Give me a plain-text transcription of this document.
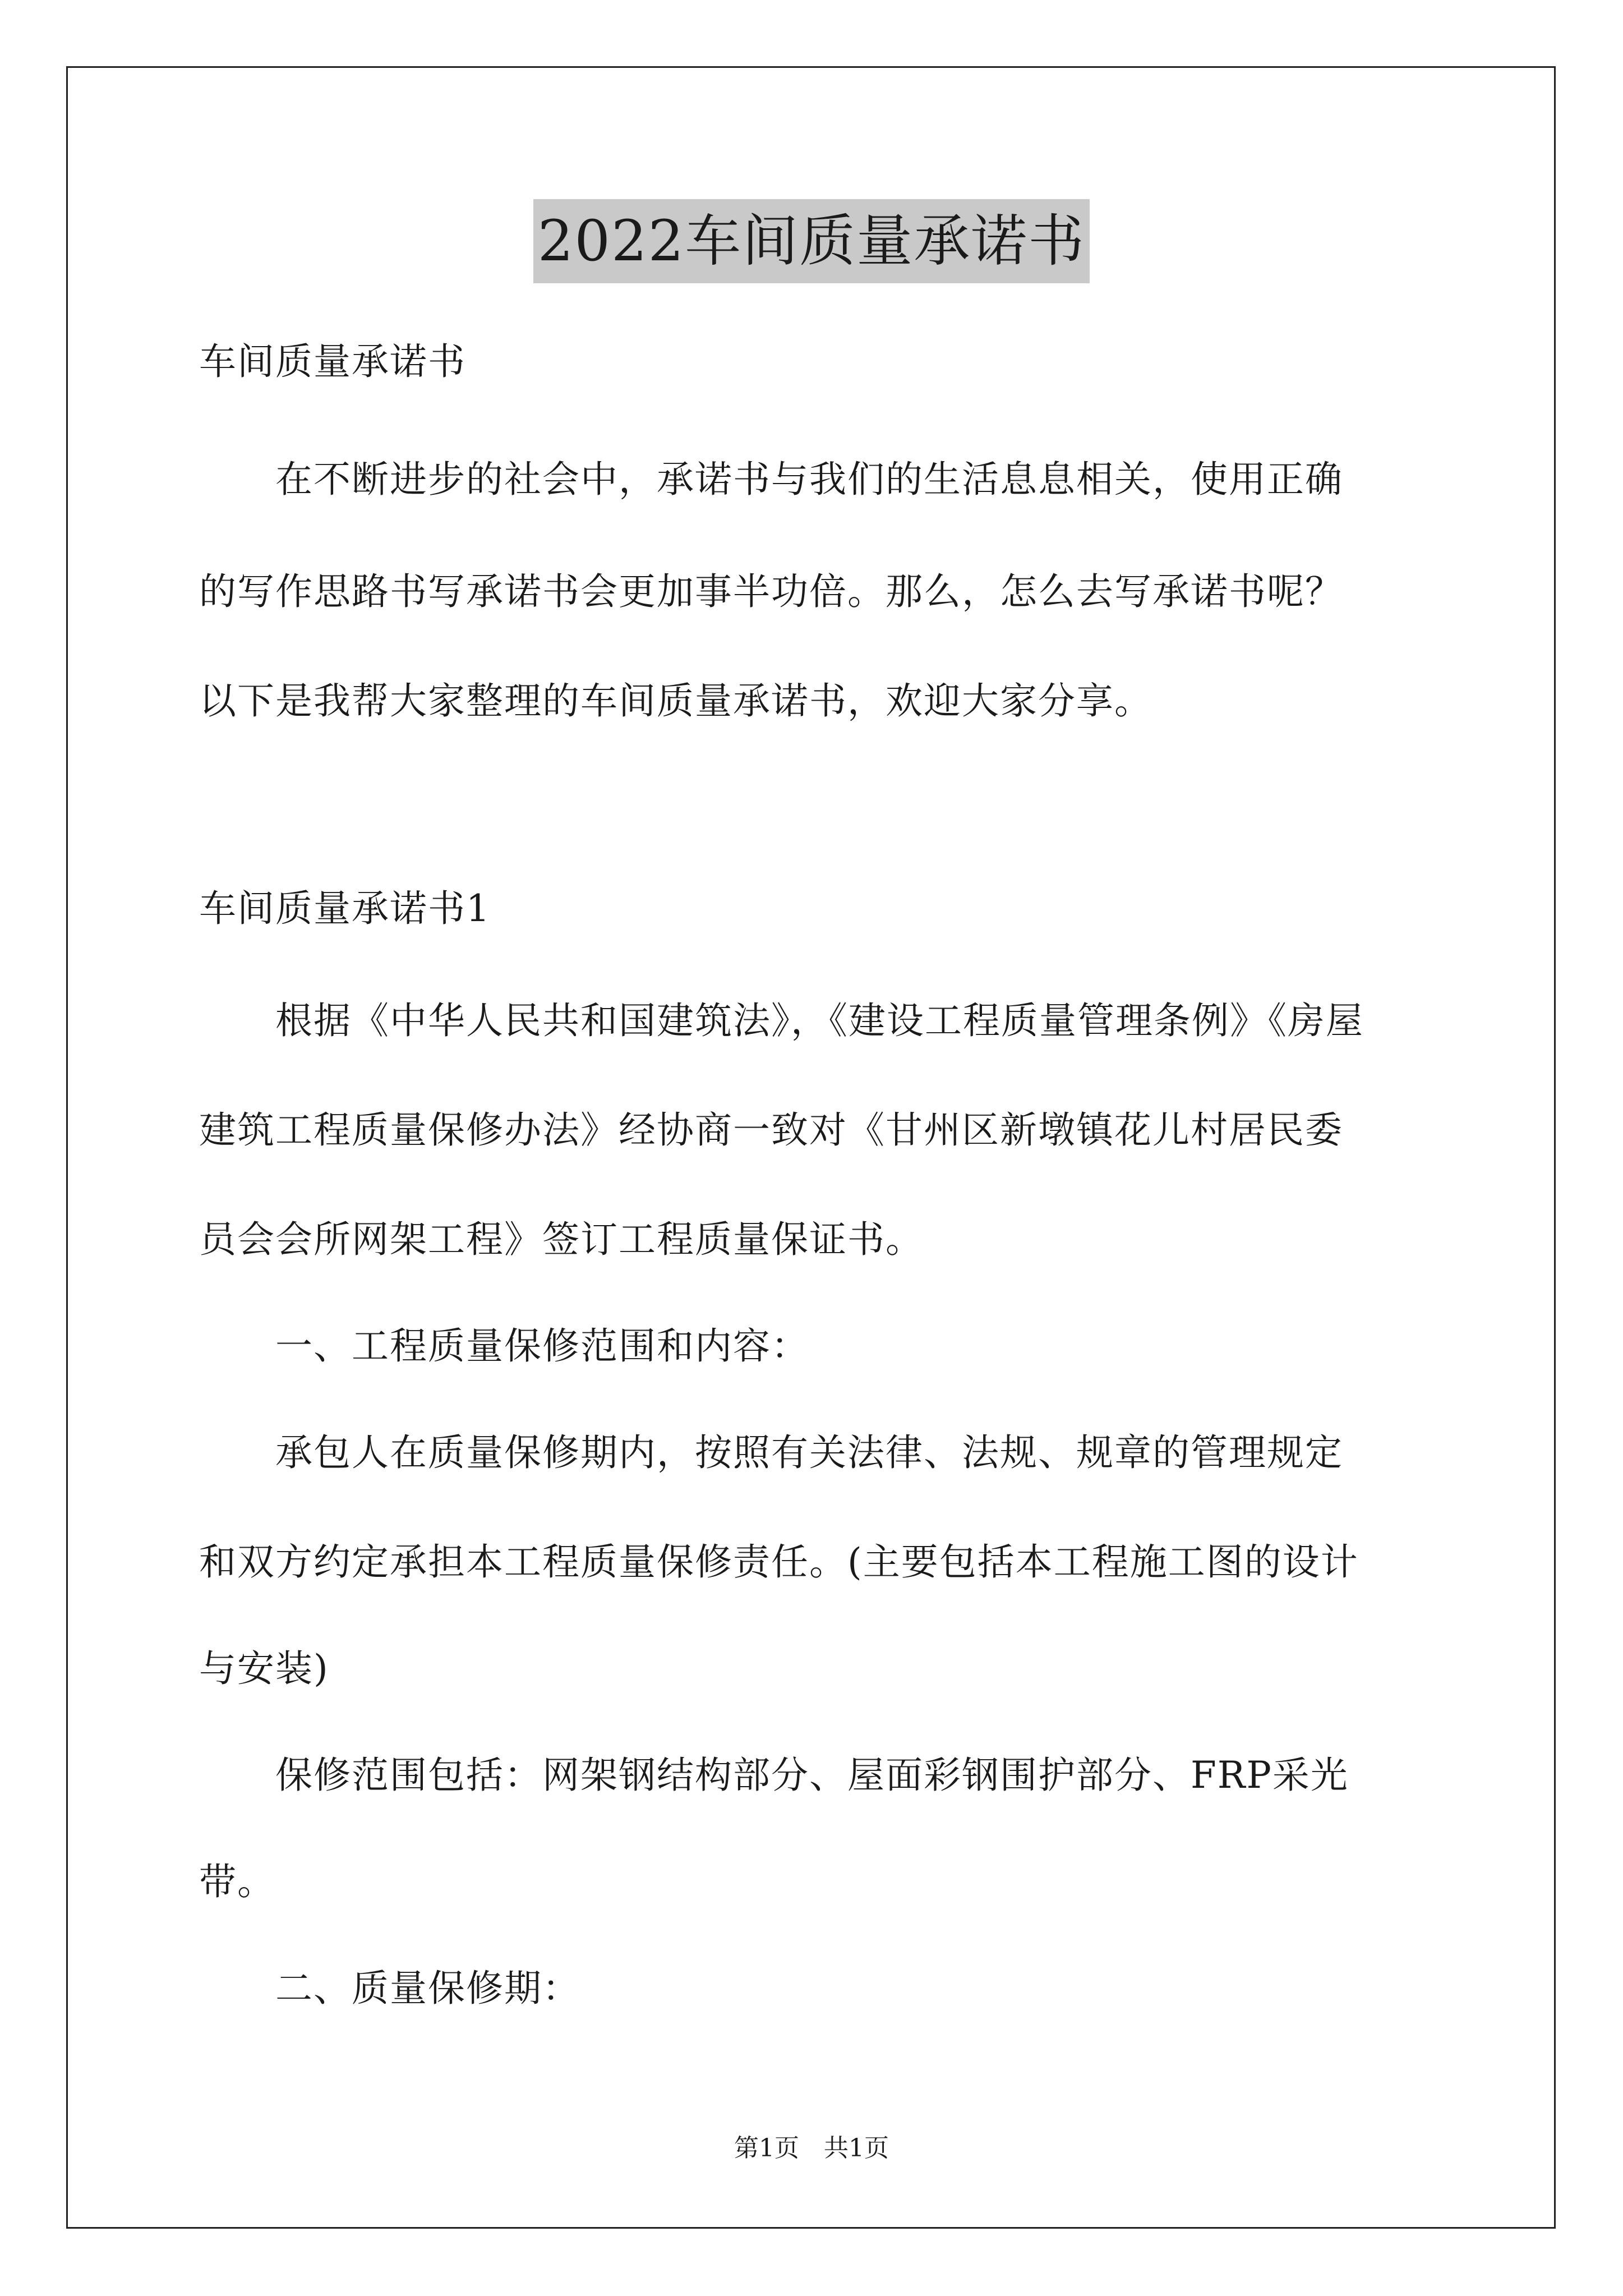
2022车间质量承诺书
车间质量承诺书
　　在不断进步的社会中，承诺书与我们的生活息息相关，使用正确
的写作思路书写承诺书会更加事半功倍。那么，怎么去写承诺书呢？
以下是我帮大家整理的车间质量承诺书，欢迎大家分享。
车间质量承诺书1
　　根据《中华人民共和国建筑法》，《建设工程质量管理条例》《房屋
建筑工程质量保修办法》经协商一致对《甘州区新墩镇花儿村居民委
员会会所网架工程》签订工程质量保证书。
　　一、工程质量保修范围和内容：
　　承包人在质量保修期内，按照有关法律、法规、规章的管理规定
和双方约定承担本工程质量保修责任。(主要包括本工程施工图的设计
与安装)
　　保修范围包括：网架钢结构部分、屋面彩钢围护部分、FRP采光
带。
　　二、质量保修期：
第1页 共1页
